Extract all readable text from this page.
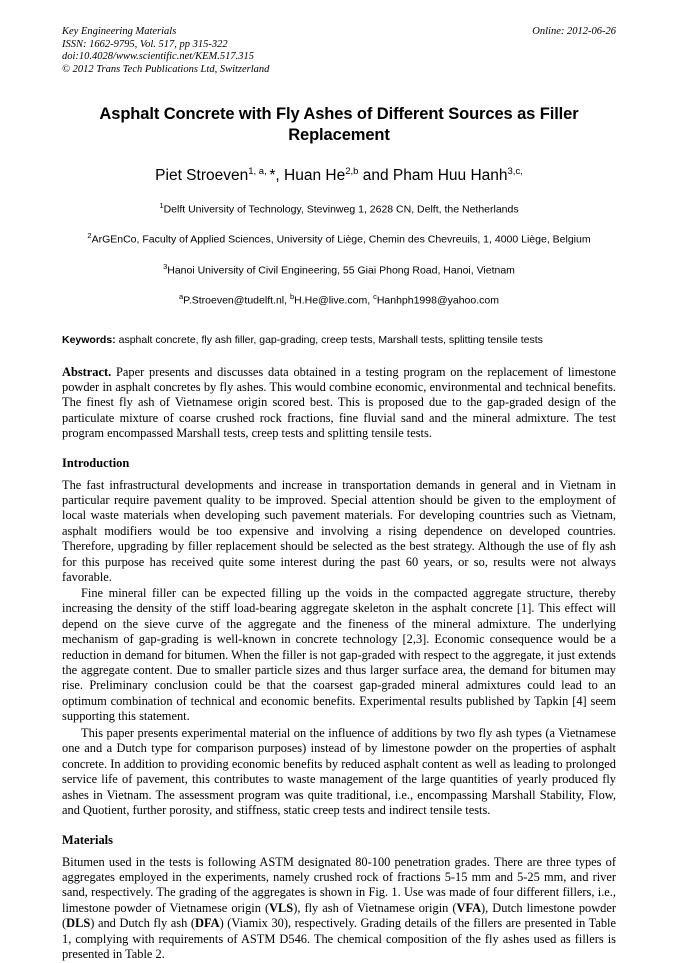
Key Engineering Materials
ISSN: 1662-9795, Vol. 517, pp 315-322
doi:10.4028/www.scientific.net/KEM.517.315
© 2012 Trans Tech Publications Ltd, Switzerland
Online: 2012-06-26
Asphalt Concrete with Fly Ashes of Different Sources as Filler Replacement
Piet Stroeven$^{1, a,}$ *, Huan He$^{2,b}$ and Pham Huu Hanh$^{3,c,}$
$^1$Delft University of Technology, Stevinweg 1, 2628 CN, Delft, the Netherlands
$^2$ArGEnCo, Faculty of Applied Sciences, University of Liège, Chemin des Chevreuils, 1, 4000 Liège, Belgium
$^3$Hanoi University of Civil Engineering, 55 Giai Phong Road, Hanoi, Vietnam
$^a$P.Stroeven@tudelft.nl, $^b$H.He@live.com, $^c$Hanhph1998@yahoo.com
Keywords: asphalt concrete, fly ash filler, gap-grading, creep tests, Marshall tests, splitting tensile tests
Abstract. Paper presents and discusses data obtained in a testing program on the replacement of limestone powder in asphalt concretes by fly ashes. This would combine economic, environmental and technical benefits. The finest fly ash of Vietnamese origin scored best. This is proposed due to the gap-graded design of the particulate mixture of coarse crushed rock fractions, fine fluvial sand and the mineral admixture. The test program encompassed Marshall tests, creep tests and splitting tensile tests.
Introduction

The fast infrastructural developments and increase in transportation demands in general and in Vietnam in particular require pavement quality to be improved. Special attention should be given to the employment of local waste materials when developing such pavement materials. For developing countries such as Vietnam, asphalt modifiers would be too expensive and involving a rising dependence on developed countries. Therefore, upgrading by filler replacement should be selected as the best strategy. Although the use of fly ash for this purpose has received quite some interest during the past 60 years, or so, results were not always favorable.

Fine mineral filler can be expected filling up the voids in the compacted aggregate structure, thereby increasing the density of the stiff load-bearing aggregate skeleton in the asphalt concrete [1]. This effect will depend on the sieve curve of the aggregate and the fineness of the mineral admixture. The underlying mechanism of gap-grading is well-known in concrete technology [2,3]. Economic consequence would be a reduction in demand for bitumen. When the filler is not gap-graded with respect to the aggregate, it just extends the aggregate content. Due to smaller particle sizes and thus larger surface area, the demand for bitumen may rise. Preliminary conclusion could be that the coarsest gap-graded mineral admixtures could lead to an optimum combination of technical and economic benefits. Experimental results published by Tapkin [4] seem supporting this statement.

This paper presents experimental material on the influence of additions by two fly ash types (a Vietnamese one and a Dutch type for comparison purposes) instead of by limestone powder on the properties of asphalt concrete. In addition to providing economic benefits by reduced asphalt content as well as leading to prolonged service life of pavement, this contributes to waste management of the large quantities of yearly produced fly ashes in Vietnam. The assessment program was quite traditional, i.e., encompassing Marshall Stability, Flow, and Quotient, further porosity, and stiffness, static creep tests and indirect tensile tests.

Materials

Bitumen used in the tests is following ASTM designated 80-100 penetration grades. There are three types of aggregates employed in the experiments, namely crushed rock of fractions 5-15 mm and 5-25 mm, and river sand, respectively. The grading of the aggregates is shown in Fig. 1. Use was made of four different fillers, i.e., limestone powder of Vietnamese origin (VLS), fly ash of Vietnamese origin (VFA), Dutch limestone powder (DLS) and Dutch fly ash (DFA) (Viamix 30), respectively. Grading details of the fillers are presented in Table 1, complying with requirements of ASTM D546. The chemical composition of the fly ashes used as fillers is presented in Table 2.
